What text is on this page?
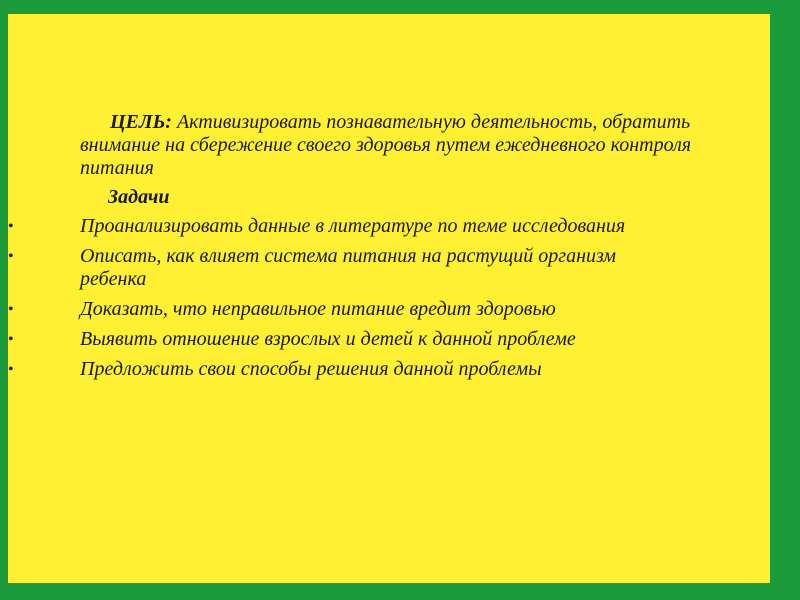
ЦЕЛЬ: Активизировать познавательную деятельность, обратить внимание на сбережение своего здоровья путем ежедневного контроля питания
Задачи
•	Проанализировать данные в литературе по теме исследования
•	Описать, как влияет система питания на растущий организм ребенка
•	Доказать, что неправильное питание вредит здоровью
•	Выявить отношение взрослых и детей к данной проблеме
•	Предложить свои способы решения данной проблемы
